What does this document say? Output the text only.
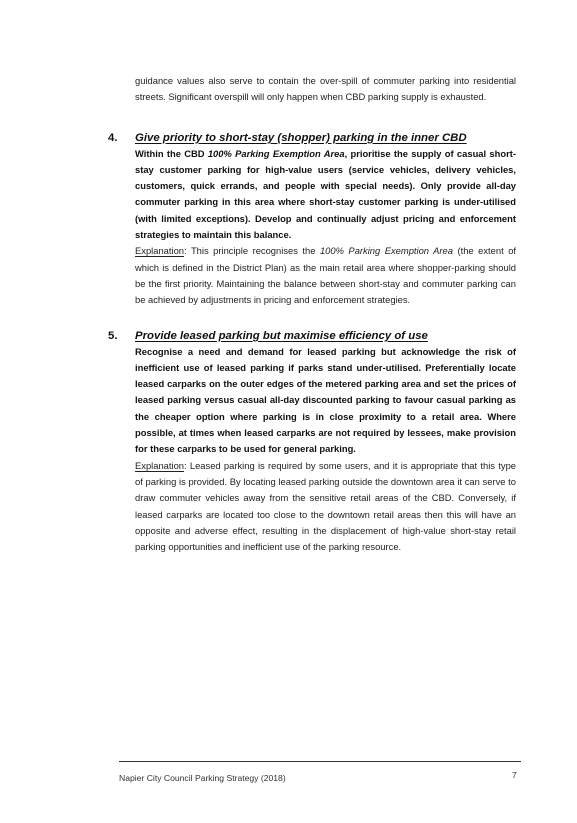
guidance values also serve to contain the over-spill of commuter parking into residential streets. Significant overspill will only happen when CBD parking supply is exhausted.

4. Give priority to short-stay (shopper) parking in the inner CBD

Within the CBD 100% Parking Exemption Area, prioritise the supply of casual short-stay customer parking for high-value users (service vehicles, delivery vehicles, customers, quick errands, and people with special needs). Only provide all-day commuter parking in this area where short-stay customer parking is under-utilised (with limited exceptions). Develop and continually adjust pricing and enforcement strategies to maintain this balance.

Explanation: This principle recognises the 100% Parking Exemption Area (the extent of which is defined in the District Plan) as the main retail area where shopper-parking should be the first priority. Maintaining the balance between short-stay and commuter parking can be achieved by adjustments in pricing and enforcement strategies.

5. Provide leased parking but maximise efficiency of use

Recognise a need and demand for leased parking but acknowledge the risk of inefficient use of leased parking if parks stand under-utilised. Preferentially locate leased carparks on the outer edges of the metered parking area and set the prices of leased parking versus casual all-day discounted parking to favour casual parking as the cheaper option where parking is in close proximity to a retail area. Where possible, at times when leased carparks are not required by lessees, make provision for these carparks to be used for general parking.

Explanation: Leased parking is required by some users, and it is appropriate that this type of parking is provided. By locating leased parking outside the downtown area it can serve to draw commuter vehicles away from the sensitive retail areas of the CBD. Conversely, if leased carparks are located too close to the downtown retail areas then this will have an opposite and adverse effect, resulting in the displacement of high-value short-stay retail parking opportunities and inefficient use of the parking resource.

Napier City Council Parking Strategy (2018)	7
